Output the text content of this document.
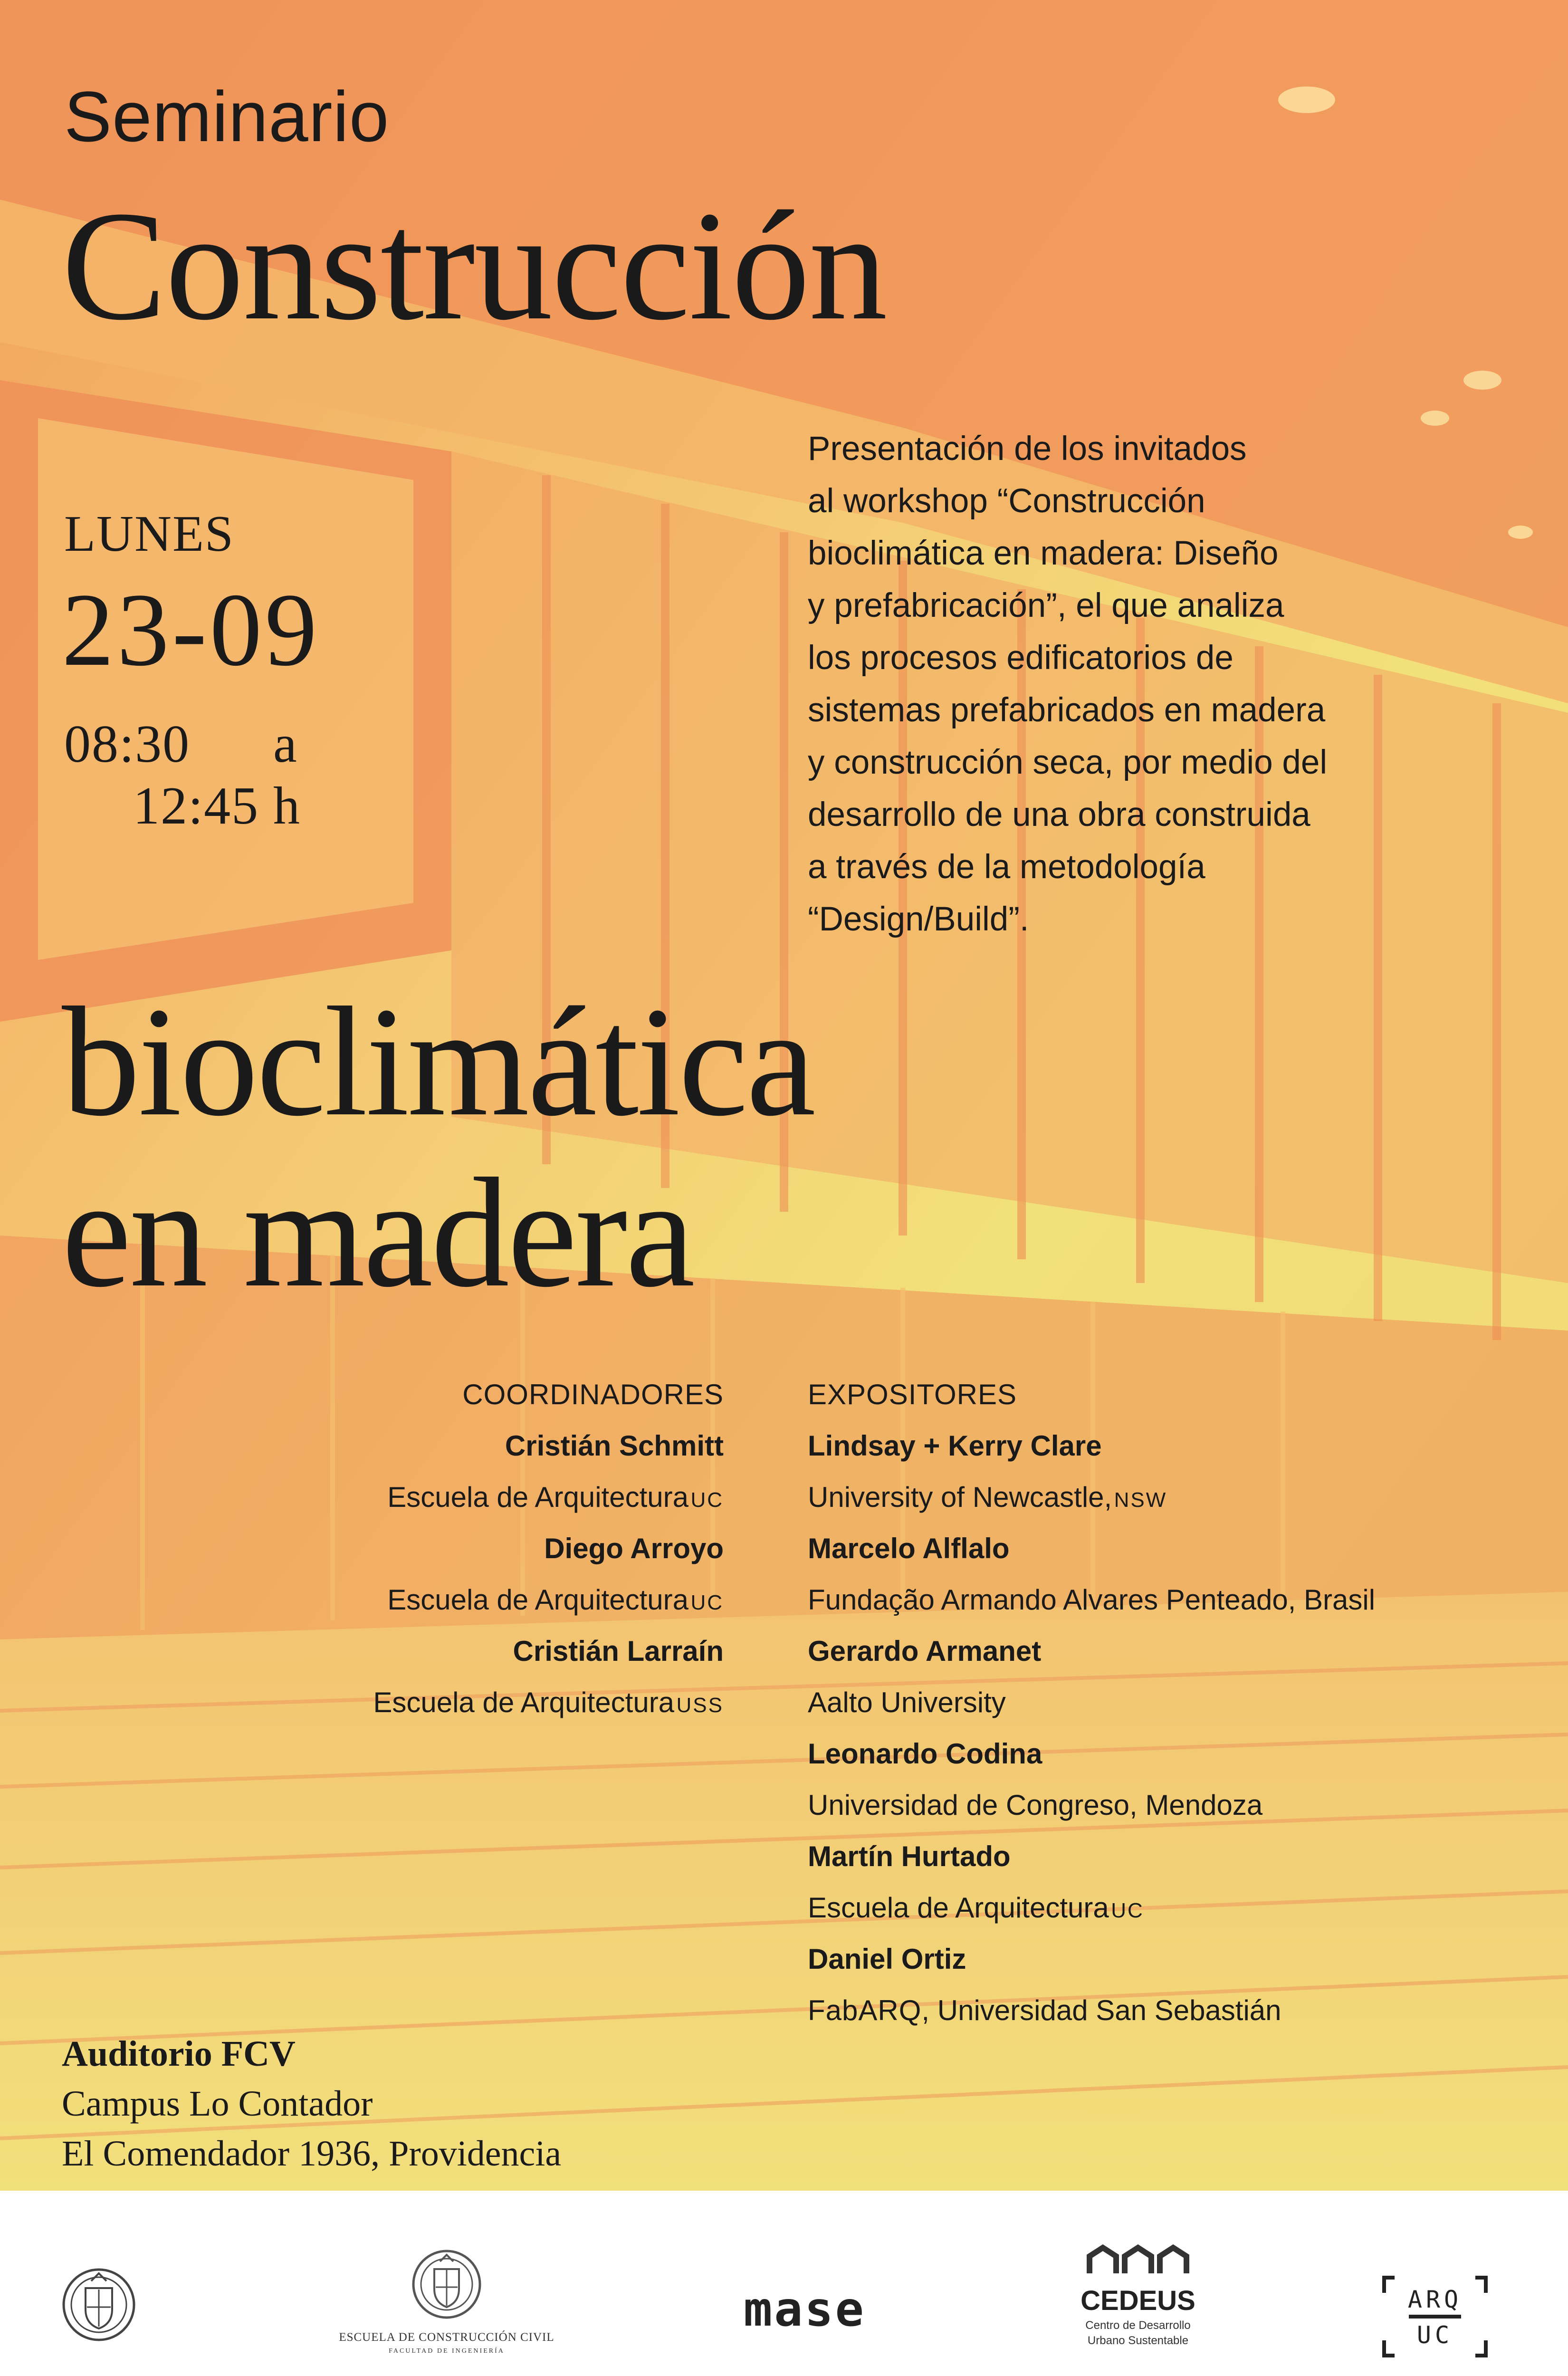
Seminario
Construcción
LUNES
23-09
08:30 a
12:45 h
Presentación de los invitados
al workshop “Construcción
bioclimática en madera: Diseño
y prefabricación”, el que analiza
los procesos edificatorios de
sistemas prefabricados en madera
y construcción seca, por medio del
desarrollo de una obra construida
a través de la metodología
“Design/Build”.
bioclimática
en madera
COORDINADORES
Cristián Schmitt
Escuela de Arquitectura UC
Diego Arroyo
Escuela de Arquitectura UC
Cristián Larraín
Escuela de Arquitectura USS
EXPOSITORES
Lindsay + Kerry Clare
University of Newcastle, NSW
Marcelo Alflalo
Fundação Armando Alvares Penteado, Brasil
Gerardo Armanet
Aalto University
Leonardo Codina
Universidad de Congreso, Mendoza
Martín Hurtado
Escuela de Arquitectura UC
Daniel Ortiz
FabARQ, Universidad San Sebastián
Auditorio FCV
Campus Lo Contador
El Comendador 1936, Providencia
ESCUELA DE CONSTRUCCIÓN CIVIL
FACULTAD DE INGENIERÍA
mase	CEDEUS
Centro de Desarrollo
Urbano Sustentable
ARQ
UC
